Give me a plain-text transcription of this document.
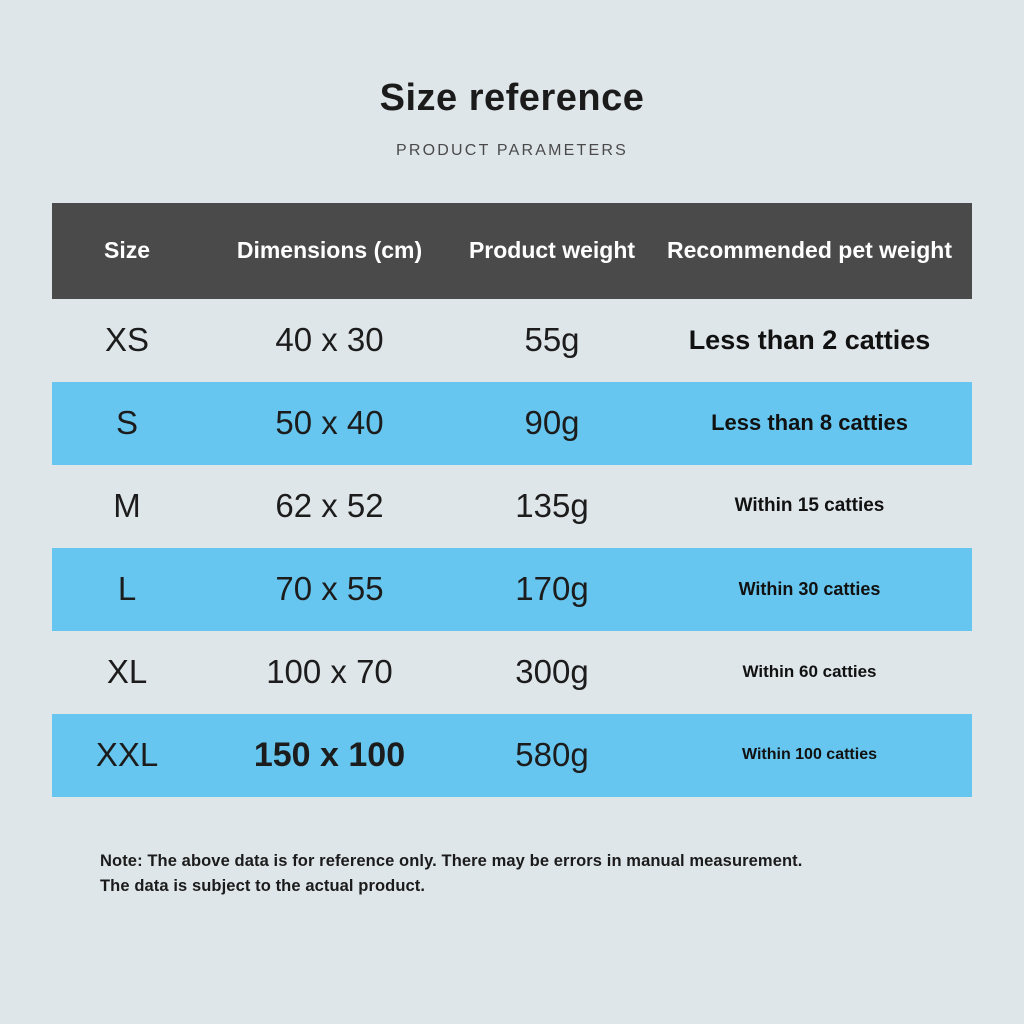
Size reference
PRODUCT PARAMETERS
Size	Dimensions (cm)	Product weight	Recommended pet weight
XS	40 x 30	55g	Less than 2 catties
S	50 x 40	90g	Less than 8 catties
M	62 x 52	135g	Within 15 catties
L	70 x 55	170g	Within 30 catties
XL	100 x 70	300g	Within 60 catties
XXL	150 x 100	580g	Within 100 catties
Note: The above data is for reference only. There may be errors in manual measurement.
The data is subject to the actual product.
